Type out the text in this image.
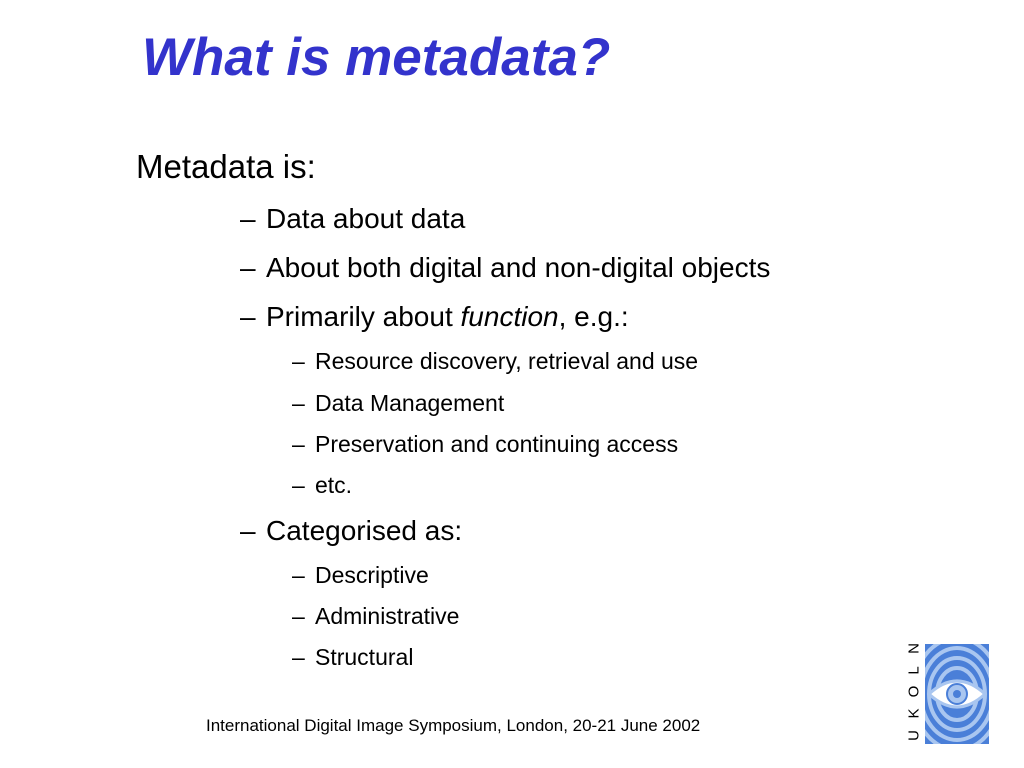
What is metadata?
Metadata is:
– Data about data
– About both digital and non-digital objects
– Primarily about function, e.g.:
– Resource discovery, retrieval and use
– Data Management
– Preservation and continuing access
– etc.
– Categorised as:
– Descriptive
– Administrative
– Structural
International Digital Image Symposium, London, 20-21 June 2002
U
K
O
L
N
